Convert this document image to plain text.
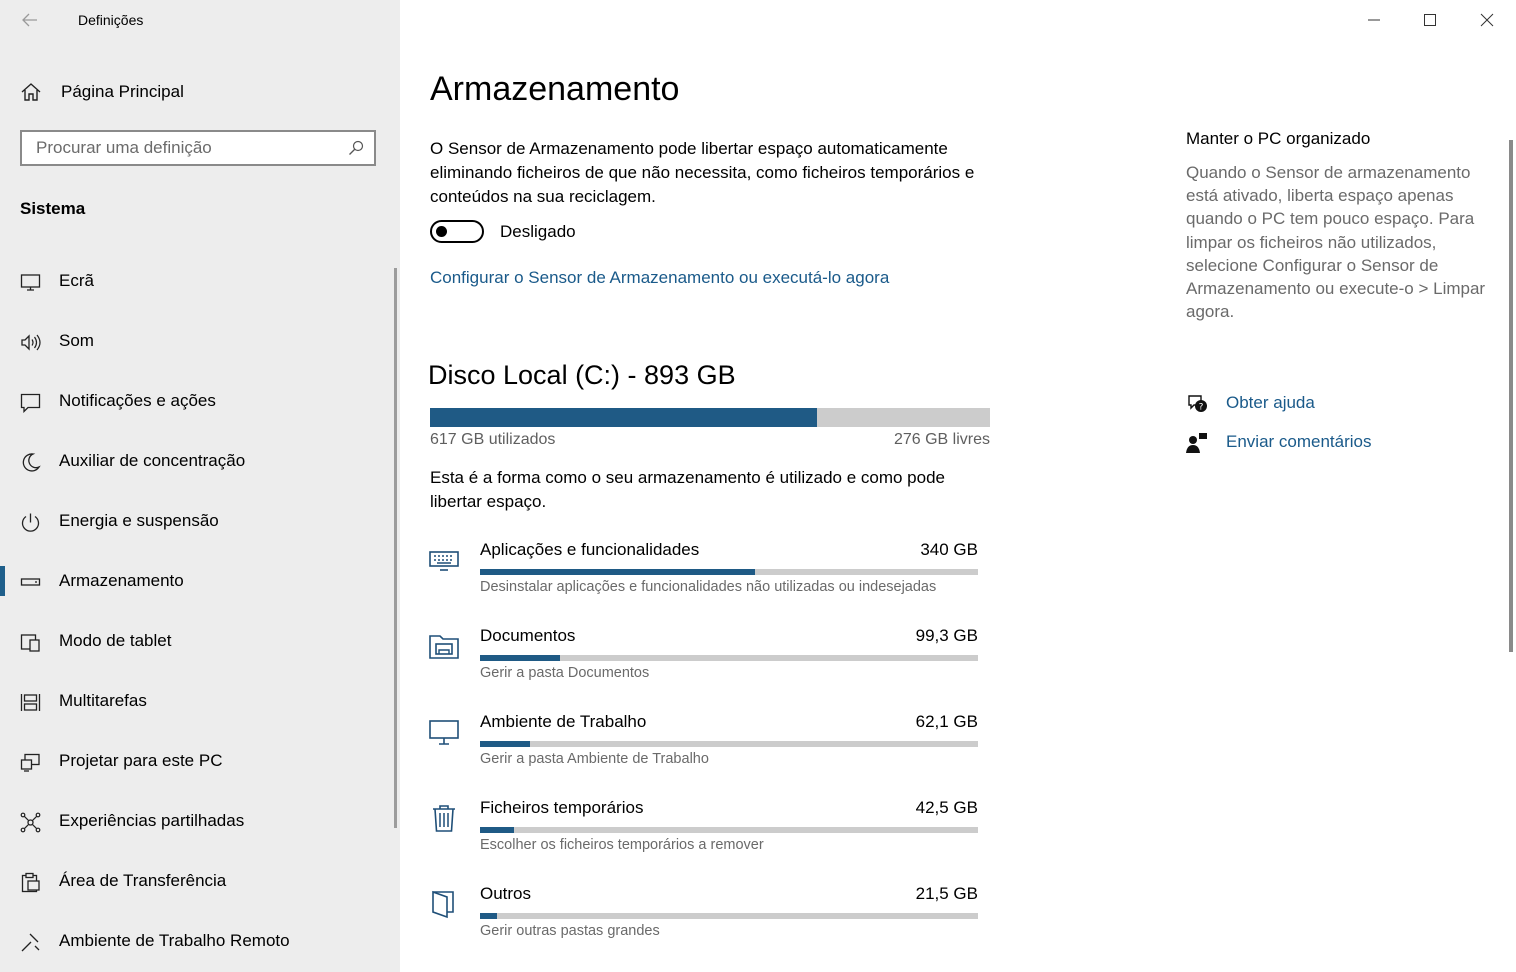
Definições
Página Principal
Procurar uma definição
Sistema
Ecrã
Som
Notificações e ações
Auxiliar de concentração
Energia e suspensão
Armazenamento
Modo de tablet
Multitarefas
Projetar para este PC
Experiências partilhadas
Área de Transferência
Ambiente de Trabalho Remoto
Armazenamento
O Sensor de Armazenamento pode libertar espaço automaticamente eliminando ficheiros de que não necessita, como ficheiros temporários e conteúdos na sua reciclagem.
Desligado
Configurar o Sensor de Armazenamento ou executá-lo agora
Disco Local (C:) - 893 GB
617 GB utilizados	276 GB livres
Esta é a forma como o seu armazenamento é utilizado e como pode libertar espaço.
Aplicações e funcionalidades	340 GB
Desinstalar aplicações e funcionalidades não utilizadas ou indesejadas
Documentos	99,3 GB
Gerir a pasta Documentos
Ambiente de Trabalho	62,1 GB
Gerir a pasta Ambiente de Trabalho
Ficheiros temporários	42,5 GB
Escolher os ficheiros temporários a remover
Outros	21,5 GB
Gerir outras pastas grandes
Manter o PC organizado
Quando o Sensor de armazenamento está ativado, liberta espaço apenas quando o PC tem pouco espaço. Para limpar os ficheiros não utilizados, selecione Configurar o Sensor de Armazenamento ou execute-o > Limpar agora.
? Obter ajuda
Enviar comentários
